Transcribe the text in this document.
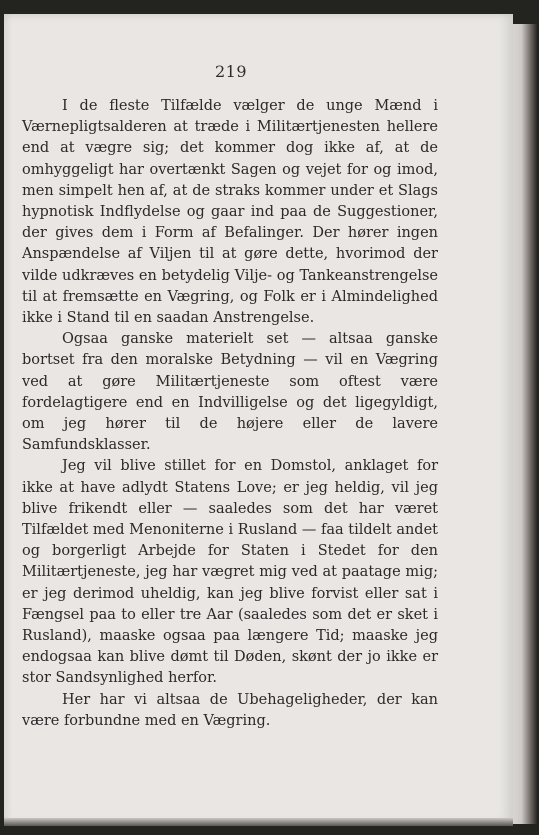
219

I de fleste Tilfælde vælger de unge Mænd i Værnepligtsalderen at træde i Militærtjenesten hellere end at vægre sig; det kommer dog ikke af, at de omhyggeligt har overtænkt Sagen og vejet for og imod, men simpelt hen af, at de straks kommer under et Slags hypnotisk Indflydelse og gaar ind paa de Suggestioner, der gives dem i Form af Befalinger. Der hører ingen Anspændelse af Viljen til at gøre dette, hvorimod der vilde udkræves en betydelig Vilje- og Tankeanstrengelse til at fremsætte en Vægring, og Folk er i Almindelighed ikke i Stand til en saadan Anstrengelse.

Ogsaa ganske materielt set — altsaa ganske bortset fra den moralske Betydning — vil en Vægring ved at gøre Militærtjeneste som oftest være fordelagtigere end en Indvilligelse og det ligegyldigt, om jeg hører til de højere eller de lavere Samfundsklasser.

Jeg vil blive stillet for en Domstol, anklaget for ikke at have adlydt Statens Love; er jeg heldig, vil jeg blive frikendt eller — saaledes som det har været Tilfældet med Menoniterne i Rusland — faa tildelt andet og borgerligt Arbejde for Staten i Stedet for den Militærtjeneste, jeg har vægret mig ved at paatage mig; er jeg derimod uheldig, kan jeg blive forvist eller sat i Fængsel paa to eller tre Aar (saaledes som det er sket i Rusland), maaske ogsaa paa længere Tid; maaske jeg endogsaa kan blive dømt til Døden, skønt der jo ikke er stor Sandsynlighed herfor.

Her har vi altsaa de Ubehageligheder, der kan være forbundne med en Vægring.
